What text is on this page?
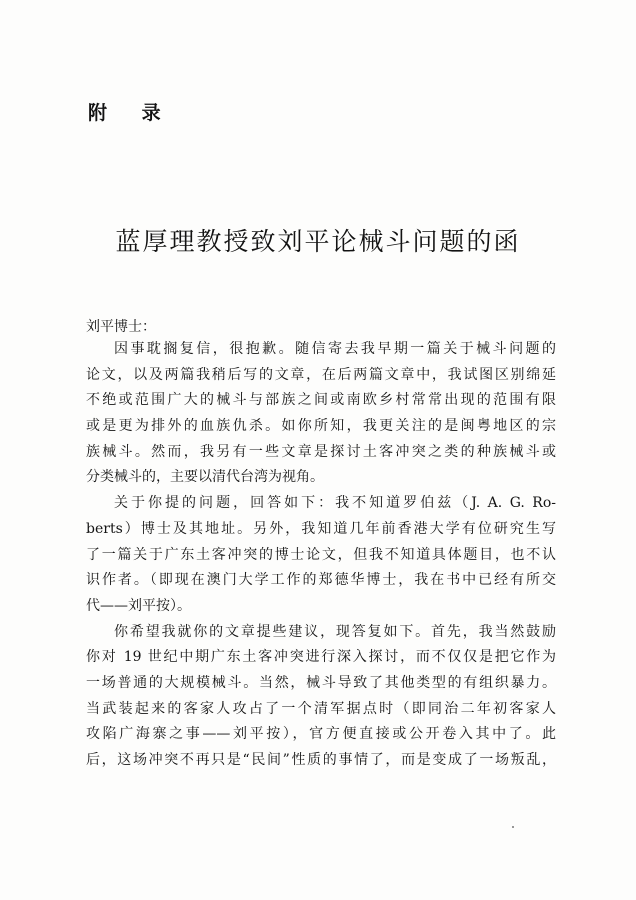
附 录
蓝厚理教授致刘平论械斗问题的函
刘平博士：
因事耽搁复信，很抱歉。随信寄去我早期一篇关于械斗问题的
论文，以及两篇我稍后写的文章，在后两篇文章中，我试图区别绵延
不绝或范围广大的械斗与部族之间或南欧乡村常常出现的范围有限
或是更为排外的血族仇杀。如你所知，我更关注的是闽粤地区的宗
族械斗。然而，我另有一些文章是探讨土客冲突之类的种族械斗或
分类械斗的，主要以清代台湾为视角。
关于你提的问题，回答如下：我不知道罗伯兹（J. A. G. Ro-
berts）博士及其地址。另外，我知道几年前香港大学有位研究生写
了一篇关于广东土客冲突的博士论文，但我不知道具体题目，也不认
识作者。（即现在澳门大学工作的郑德华博士，我在书中已经有所交
代——刘平按）。
你希望我就你的文章提些建议，现答复如下。首先，我当然鼓励
你对 19 世纪中期广东土客冲突进行深入探讨，而不仅仅是把它作为
一场普通的大规模械斗。当然，械斗导致了其他类型的有组织暴力。
当武装起来的客家人攻占了一个清军据点时（即同治二年初客家人
攻陷广海寨之事——刘平按），官方便直接或公开卷入其中了。此
后，这场冲突不再只是“民间”性质的事情了，而是变成了一场叛乱，
